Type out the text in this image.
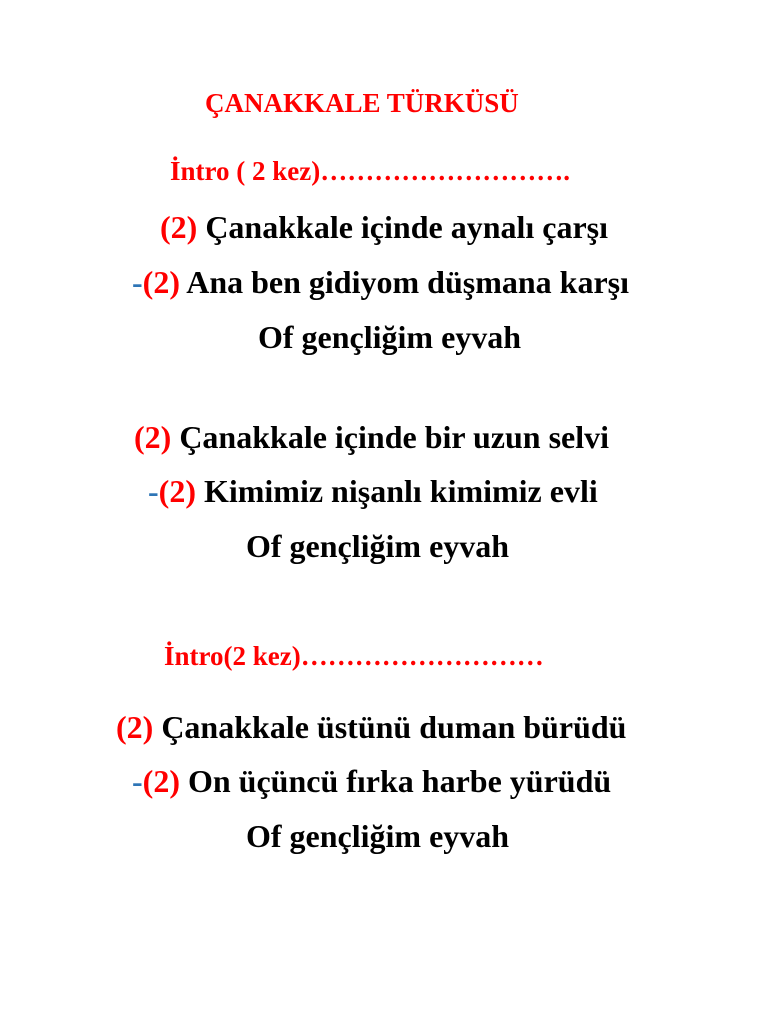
ÇANAKKALE TÜRKÜSÜ
İntro ( 2 kez)……………………….
(2) Çanakkale içinde aynalı çarşı
-(2) Ana ben gidiyom düşmana karşı
Of gençliğim eyvah
(2) Çanakkale içinde bir uzun selvi
-(2) Kimimiz nişanlı kimimiz evli
Of gençliğim eyvah
İntro(2 kez)………………………
(2) Çanakkale üstünü duman bürüdü
-(2) On üçüncü fırka harbe yürüdü
Of gençliğim eyvah
